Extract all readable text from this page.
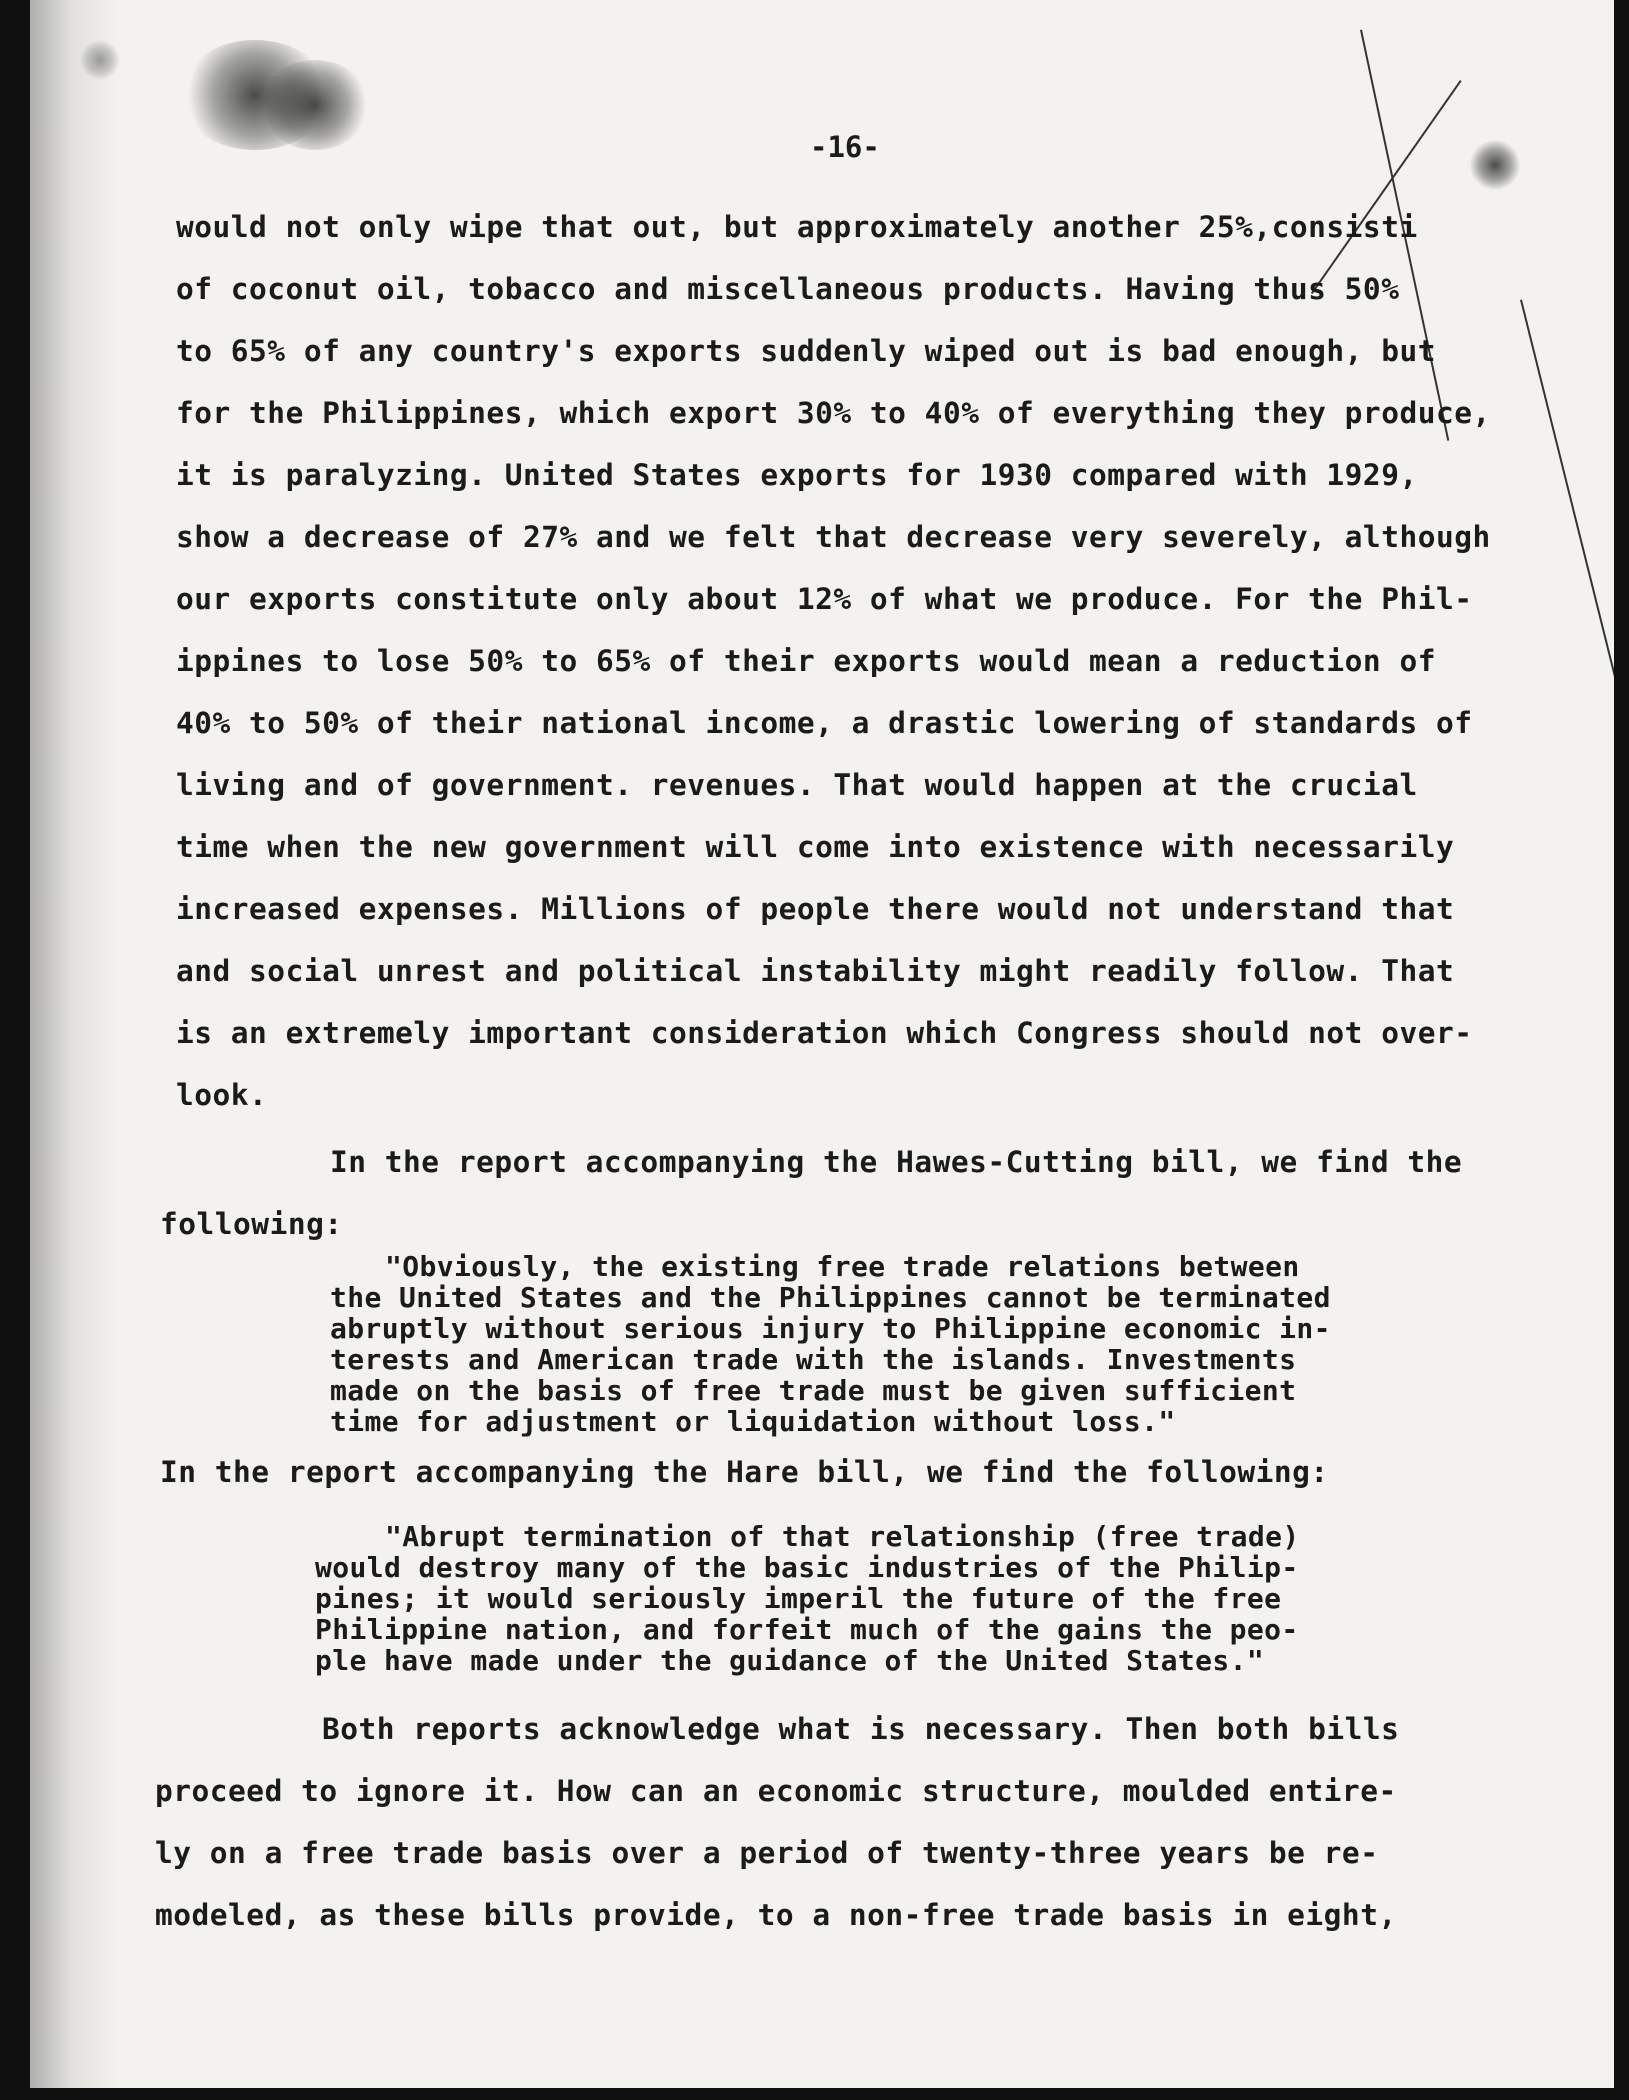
-16-
would not only wipe that out, but approximately another 25%,consisti
of coconut oil, tobacco and miscellaneous products. Having thus 50%
to 65% of any country's exports suddenly wiped out is bad enough, but
for the Philippines, which export 30% to 40% of everything they produce,
it is paralyzing. United States exports for 1930 compared with 1929,
show a decrease of 27% and we felt that decrease very severely, although
our exports constitute only about 12% of what we produce. For the Phil-
ippines to lose 50% to 65% of their exports would mean a reduction of
40% to 50% of their national income, a drastic lowering of standards of
living and of government. revenues. That would happen at the crucial
time when the new government will come into existence with necessarily
increased expenses. Millions of people there would not understand that
and social unrest and political instability might readily follow. That
is an extremely important consideration which Congress should not over-
look.
In the report accompanying the Hawes-Cutting bill, we find the
following:
"Obviously, the existing free trade relations between
the United States and the Philippines cannot be terminated
abruptly without serious injury to Philippine economic in-
terests and American trade with the islands. Investments
made on the basis of free trade must be given sufficient
time for adjustment or liquidation without loss."
In the report accompanying the Hare bill, we find the following:
"Abrupt termination of that relationship (free trade)
would destroy many of the basic industries of the Philip-
pines; it would seriously imperil the future of the free
Philippine nation, and forfeit much of the gains the peo-
ple have made under the guidance of the United States."
Both reports acknowledge what is necessary. Then both bills
proceed to ignore it. How can an economic structure, moulded entire-
ly on a free trade basis over a period of twenty-three years be re-
modeled, as these bills provide, to a non-free trade basis in eight,
